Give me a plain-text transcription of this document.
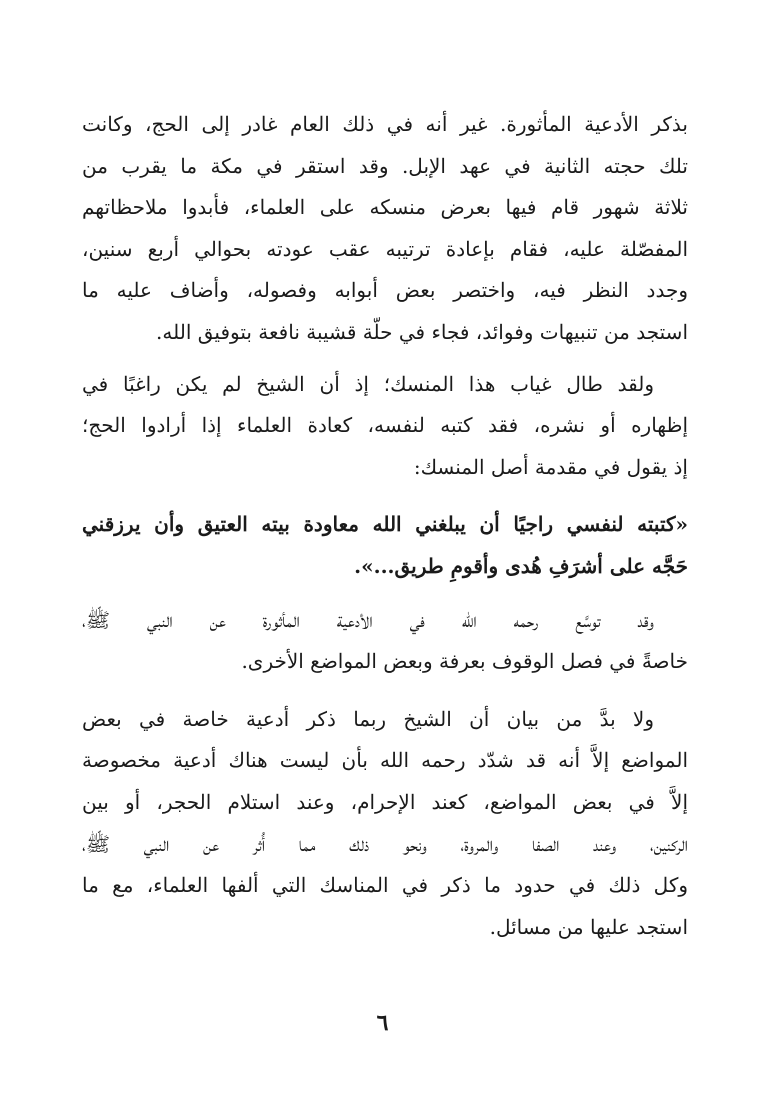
بذكر الأدعية المأثورة. غير أنه في ذلك العام غادر إلى الحج، وكانت
تلك حجته الثانية في عهد الإبل. وقد استقر في مكة ما يقرب من
ثلاثة شهور قام فيها بعرض منسكه على العلماء، فأبدوا ملاحظاتهم
المفصّلة عليه، فقام بإعادة ترتيبه عقب عودته بحوالي أربع سنين،
وجدد النظر فيه، واختصر بعض أبوابه وفصوله، وأضاف عليه ما
استجد من تنبيهات وفوائد، فجاء في حلّة قشيبة نافعة بتوفيق الله.

ولقد طال غياب هذا المنسك؛ إذ أن الشيخ لم يكن راغبًا في
إظهاره أو نشره، فقد كتبه لنفسه، كعادة العلماء إذا أرادوا الحج؛
إذ يقول في مقدمة أصل المنسك:

«كتبته لنفسي راجيًا أن يبلغني الله معاودة بيته العتيق وأن يرزقني
حَجَّه على أشرَفِ هُدى وأقومِ طريق...».

وقد توسَّع رحمه الله في الأدعية المأثورة عن النبي ﷺ،
خاصةً في فصل الوقوف بعرفة وبعض المواضع الأخرى.

ولا بدَّ من بيان أن الشيخ ربما ذكر أدعية خاصة في بعض
المواضع إلاَّ أنه قد شدّد رحمه الله بأن ليست هناك أدعية مخصوصة
إلاَّ في بعض المواضع، كعند الإحرام، وعند استلام الحجر، أو بين
الركنين، وعند الصفا والمروة، ونحو ذلك مما أُثر عن النبي ﷺ،
وكل ذلك في حدود ما ذكر في المناسك التي ألفها العلماء، مع ما
استجد عليها من مسائل.

٦
